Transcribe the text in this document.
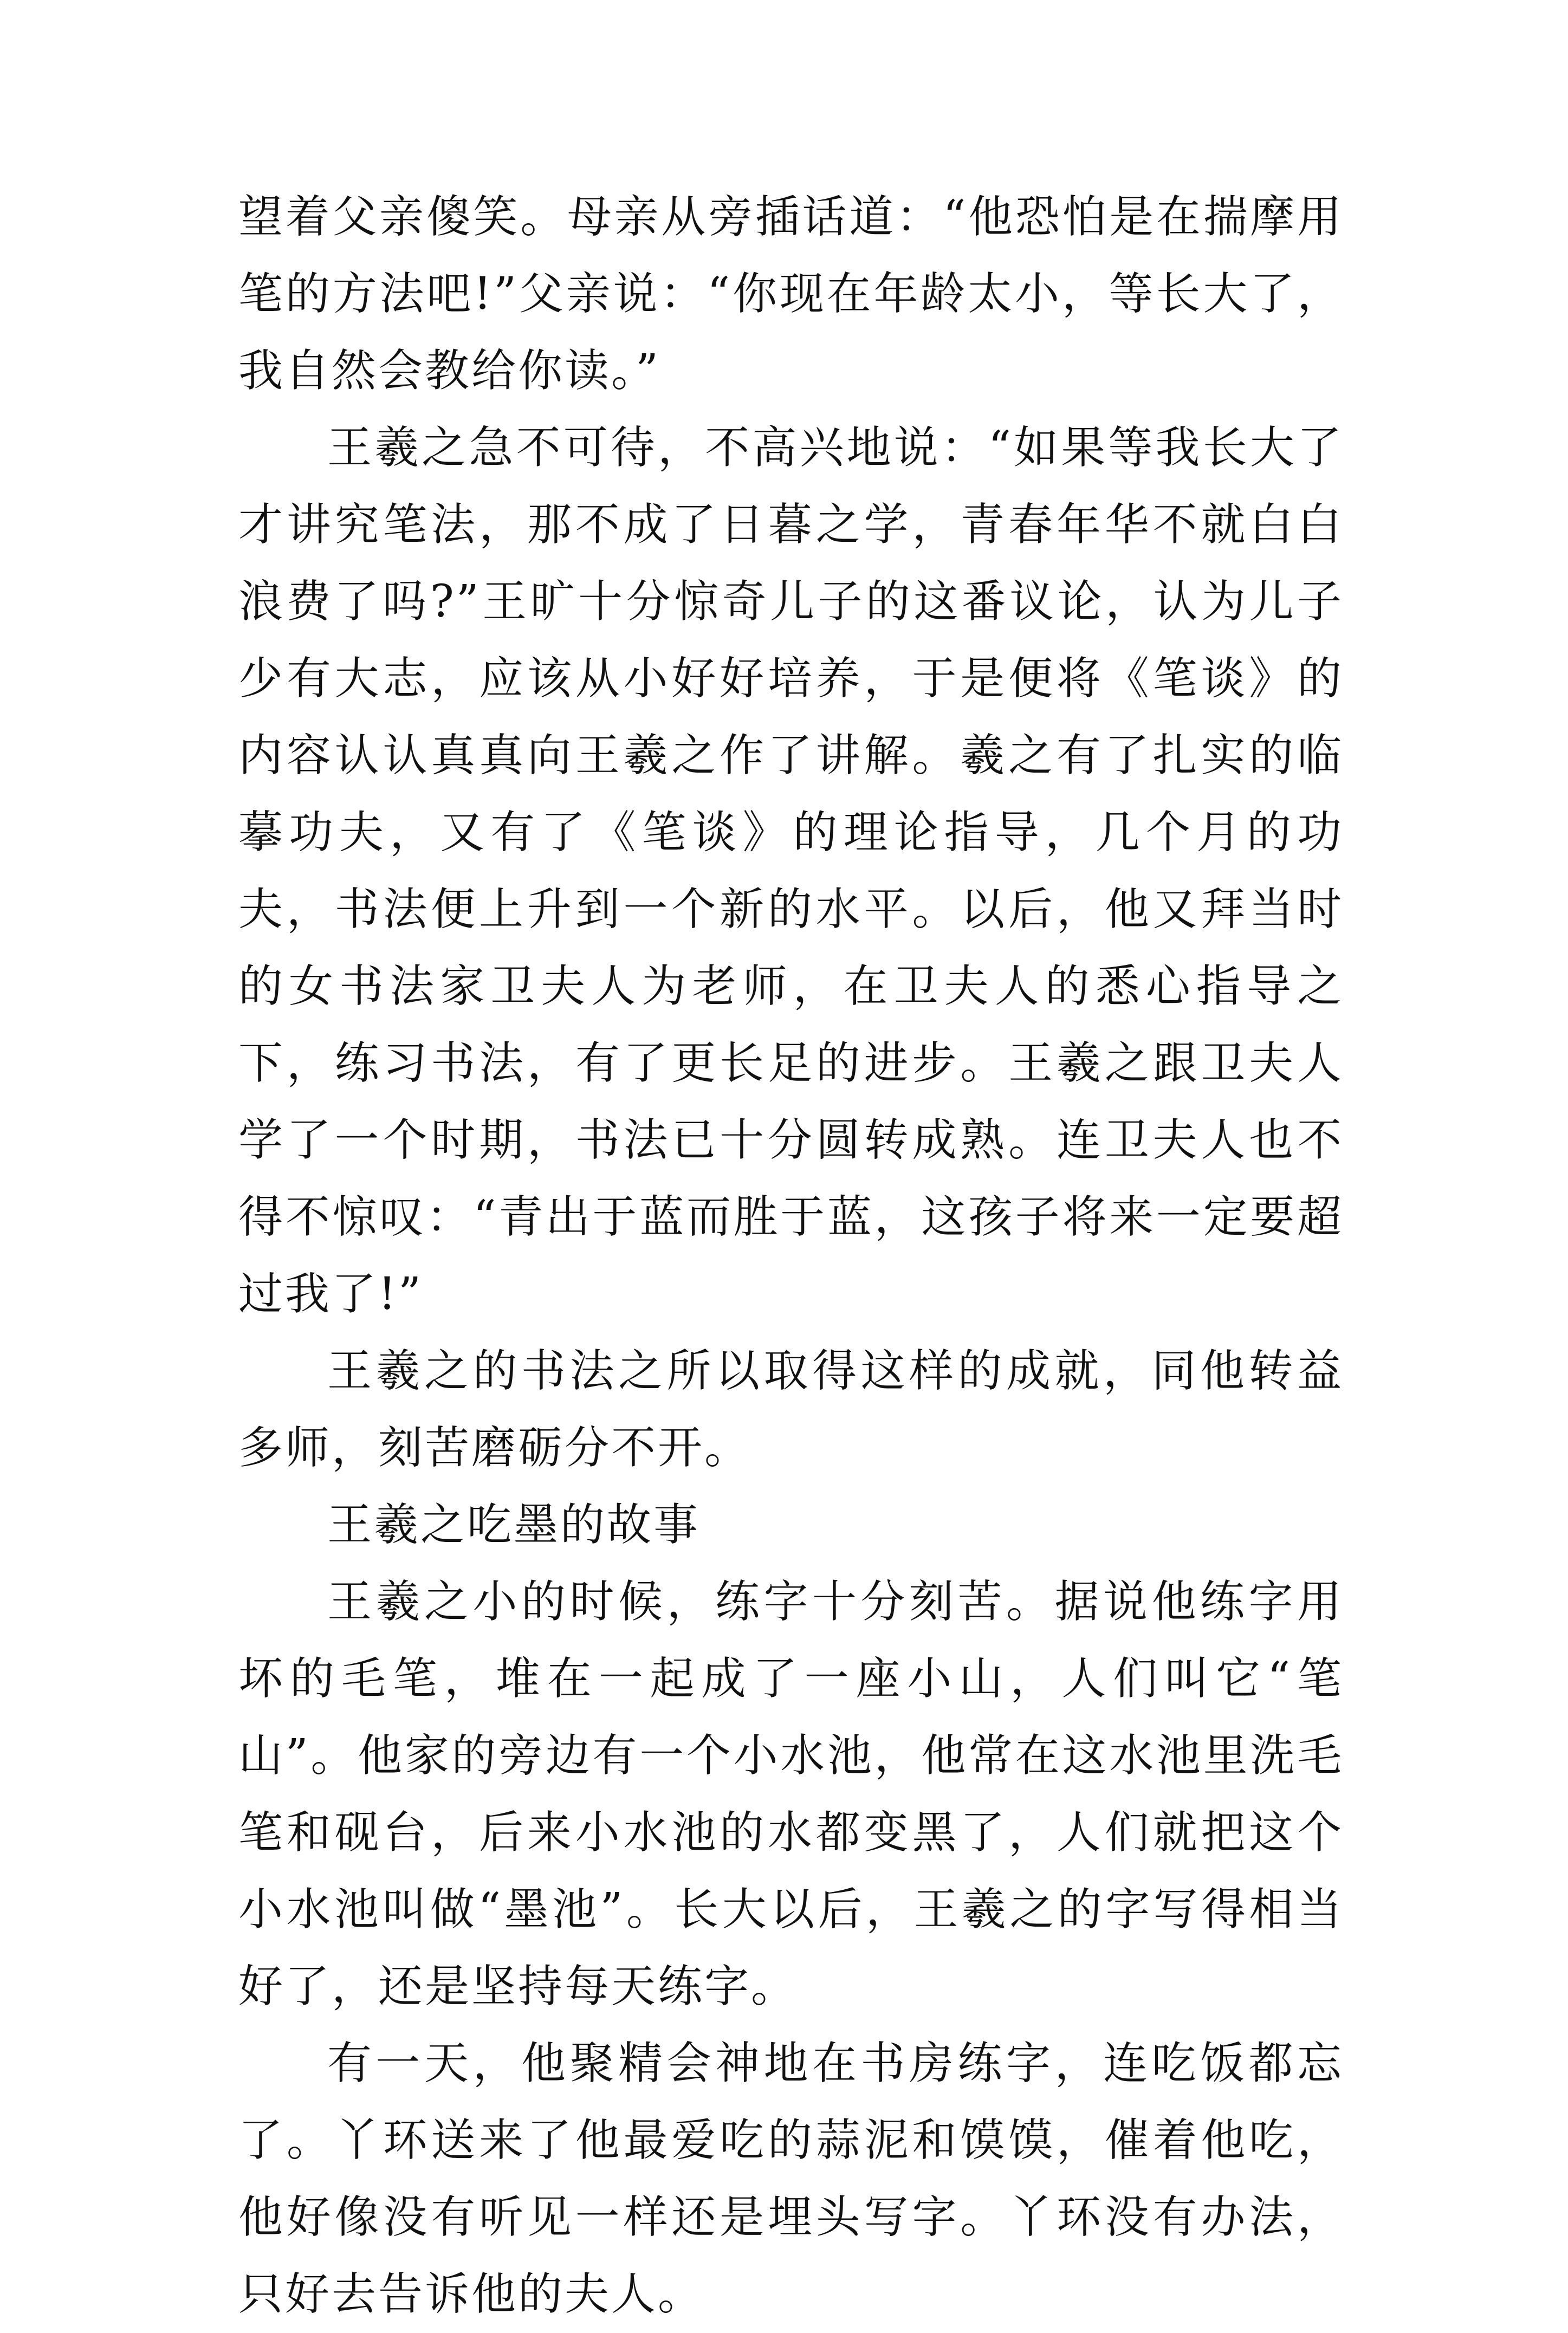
望着父亲傻笑。母亲从旁插话道：“他恐怕是在揣摩用笔的方法吧!”父亲说：“你现在年龄太小，等长大了，我自然会教给你读。”

王羲之急不可待，不高兴地说：“如果等我长大了才讲究笔法，那不成了日暮之学，青春年华不就白白浪费了吗?”王旷十分惊奇儿子的这番议论，认为儿子少有大志，应该从小好好培养，于是便将《笔谈》的内容认认真真向王羲之作了讲解。羲之有了扎实的临摹功夫，又有了《笔谈》的理论指导，几个月的功夫，书法便上升到一个新的水平。以后，他又拜当时的女书法家卫夫人为老师，在卫夫人的悉心指导之下，练习书法，有了更长足的进步。王羲之跟卫夫人学了一个时期，书法已十分圆转成熟。连卫夫人也不得不惊叹：“青出于蓝而胜于蓝，这孩子将来一定要超过我了!”

王羲之的书法之所以取得这样的成就，同他转益多师，刻苦磨砺分不开。

王羲之吃墨的故事

王羲之小的时候，练字十分刻苦。据说他练字用坏的毛笔，堆在一起成了一座小山，人们叫它“笔山”。他家的旁边有一个小水池，他常在这水池里洗毛笔和砚台，后来小水池的水都变黑了，人们就把这个小水池叫做“墨池”。长大以后，王羲之的字写得相当好了，还是坚持每天练字。

有一天，他聚精会神地在书房练字，连吃饭都忘了。丫环送来了他最爱吃的蒜泥和馍馍，催着他吃，他好像没有听见一样还是埋头写字。丫环没有办法，只好去告诉他的夫人。
